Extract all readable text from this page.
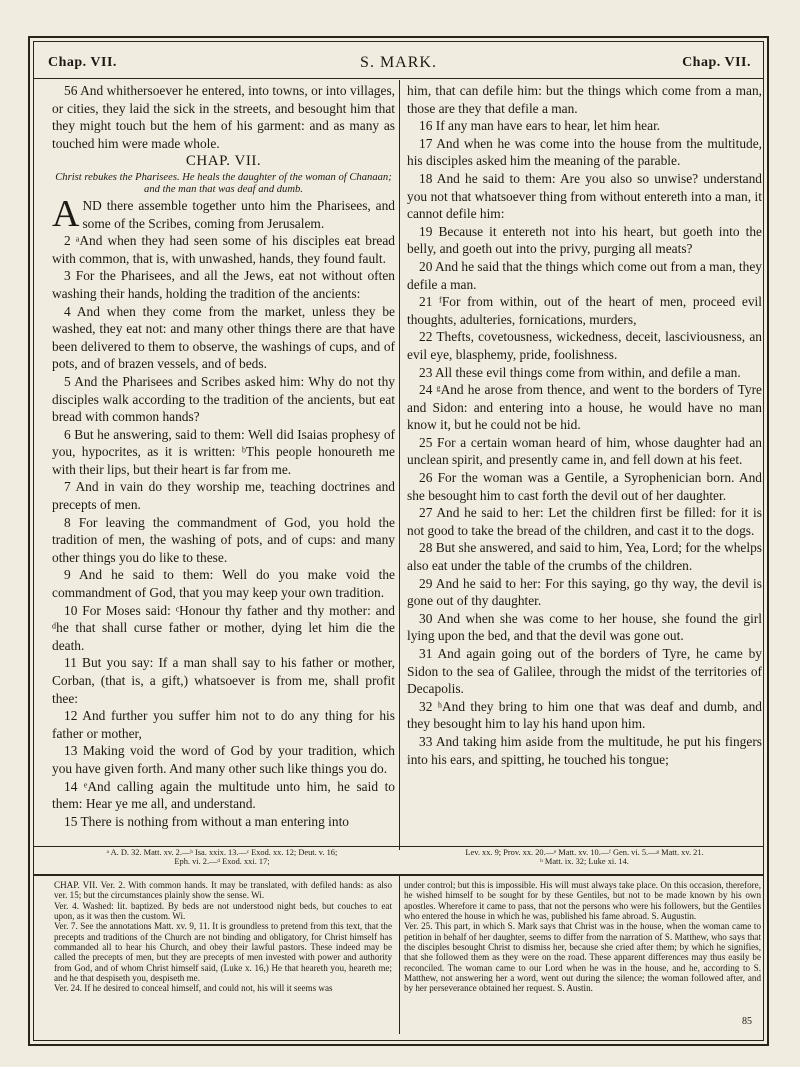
Chap. VII.	S. MARK.	Chap. VII.

56 And whithersoever he entered, into towns, or into villages, or cities, they laid the sick in the streets, and besought him that they might touch but the hem of his garment: and as many as touched him were made whole.

CHAP. VII.

Christ rebukes the Pharisees. He heals the daughter of the woman of Chanaan; and the man that was deaf and dumb.

AND there assemble together unto him the Pharisees, and some of the Scribes, coming from Jerusalem.

2 ᵃAnd when they had seen some of his disciples eat bread with common, that is, with unwashed, hands, they found fault.

3 For the Pharisees, and all the Jews, eat not without often washing their hands, holding the tradition of the ancients:

4 And when they come from the market, unless they be washed, they eat not: and many other things there are that have been delivered to them to observe, the washings of cups, and of pots, and of brazen vessels, and of beds.

5 And the Pharisees and Scribes asked him: Why do not thy disciples walk according to the tradition of the ancients, but eat bread with common hands?

6 But he answering, said to them: Well did Isaias prophesy of you, hypocrites, as it is written: ᵇThis people honoureth me with their lips, but their heart is far from me.

7 And in vain do they worship me, teaching doctrines and precepts of men.

8 For leaving the commandment of God, you hold the tradition of men, the washing of pots, and of cups: and many other things you do like to these.

9 And he said to them: Well do you make void the commandment of God, that you may keep your own tradition.

10 For Moses said: ᶜHonour thy father and thy mother: and ᵈhe that shall curse father or mother, dying let him die the death.

11 But you say: If a man shall say to his father or mother, Corban, (that is, a gift,) whatsoever is from me, shall profit thee:

12 And further you suffer him not to do any thing for his father or mother,

13 Making void the word of God by your tradition, which you have given forth. And many other such like things you do.

14 ᵉAnd calling again the multitude unto him, he said to them: Hear ye me all, and understand.

15 There is nothing from without a man entering into

him, that can defile him: but the things which come from a man, those are they that defile a man.

16 If any man have ears to hear, let him hear.

17 And when he was come into the house from the multitude, his disciples asked him the meaning of the parable.

18 And he said to them: Are you also so unwise? understand you not that whatsoever thing from without entereth into a man, it cannot defile him:

19 Because it entereth not into his heart, but goeth into the belly, and goeth out into the privy, purging all meats?

20 And he said that the things which come out from a man, they defile a man.

21 ᶠFor from within, out of the heart of men, proceed evil thoughts, adulteries, fornications, murders,

22 Thefts, covetousness, wickedness, deceit, lasciviousness, an evil eye, blasphemy, pride, foolishness.

23 All these evil things come from within, and defile a man.

24 ᵍAnd he arose from thence, and went to the borders of Tyre and Sidon: and entering into a house, he would have no man know it, but he could not be hid.

25 For a certain woman heard of him, whose daughter had an unclean spirit, and presently came in, and fell down at his feet.

26 For the woman was a Gentile, a Syrophenician born. And she besought him to cast forth the devil out of her daughter.

27 And he said to her: Let the children first be filled: for it is not good to take the bread of the children, and cast it to the dogs.

28 But she answered, and said to him, Yea, Lord; for the whelps also eat under the table of the crumbs of the children.

29 And he said to her: For this saying, go thy way, the devil is gone out of thy daughter.

30 And when she was come to her house, she found the girl lying upon the bed, and that the devil was gone out.

31 And again going out of the borders of Tyre, he came by Sidon to the sea of Galilee, through the midst of the territories of Decapolis.

32 ʰAnd they bring to him one that was deaf and dumb, and they besought him to lay his hand upon him.

33 And taking him aside from the multitude, he put his fingers into his ears, and spitting, he touched his tongue;

ᵃ A. D. 32. Matt. xv. 2.—ᵇ Isa. xxix. 13.—ᶜ Exod. xx. 12; Deut. v. 16;
Eph. vi. 2.—ᵈ Exod. xxi. 17;
Lev. xx. 9; Prov. xx. 20.—ᵉ Matt. xv. 10.—ᶠ Gen. vi. 5.—ᵍ Matt. xv. 21.
ʰ Matt. ix. 32; Luke xi. 14.

CHAP. VII. Ver. 2. With common hands. It may be translated, with defiled hands: as also ver. 15; but the circumstances plainly show the sense. Wi.

Ver. 4. Washed: lit. baptized. By beds are not understood night beds, but couches to eat upon, as it was then the custom. Wi.

Ver. 7. See the annotations Matt. xv. 9, 11. It is groundless to pretend from this text, that the precepts and traditions of the Church are not binding and obligatory, for Christ himself has commanded all to hear his Church, and obey their lawful pastors. These indeed may be called the precepts of men, but they are precepts of men invested with power and authority from God, and of whom Christ himself said, (Luke x. 16,) He that heareth you, heareth me; and he that despiseth you, despiseth me.

Ver. 24. If he desired to conceal himself, and could not, his will it seems was

under control; but this is impossible. His will must always take place. On this occasion, therefore, he wished himself to be sought for by these Gentiles, but not to be made known by his own apostles. Wherefore it came to pass, that not the persons who were his followers, but the Gentiles who entered the house in which he was, published his fame abroad. S. Augustin.

Ver. 25. This part, in which S. Mark says that Christ was in the house, when the woman came to petition in behalf of her daughter, seems to differ from the narration of S. Matthew, who says that the disciples besought Christ to dismiss her, because she cried after them; by which he signifies, that she followed them as they were on the road. These apparent differences may thus easily be reconciled. The woman came to our Lord when he was in the house, and he, according to S. Matthew, not answering her a word, went out during the silence; the woman followed after, and by her perseverance obtained her request. S. Austin.

85
